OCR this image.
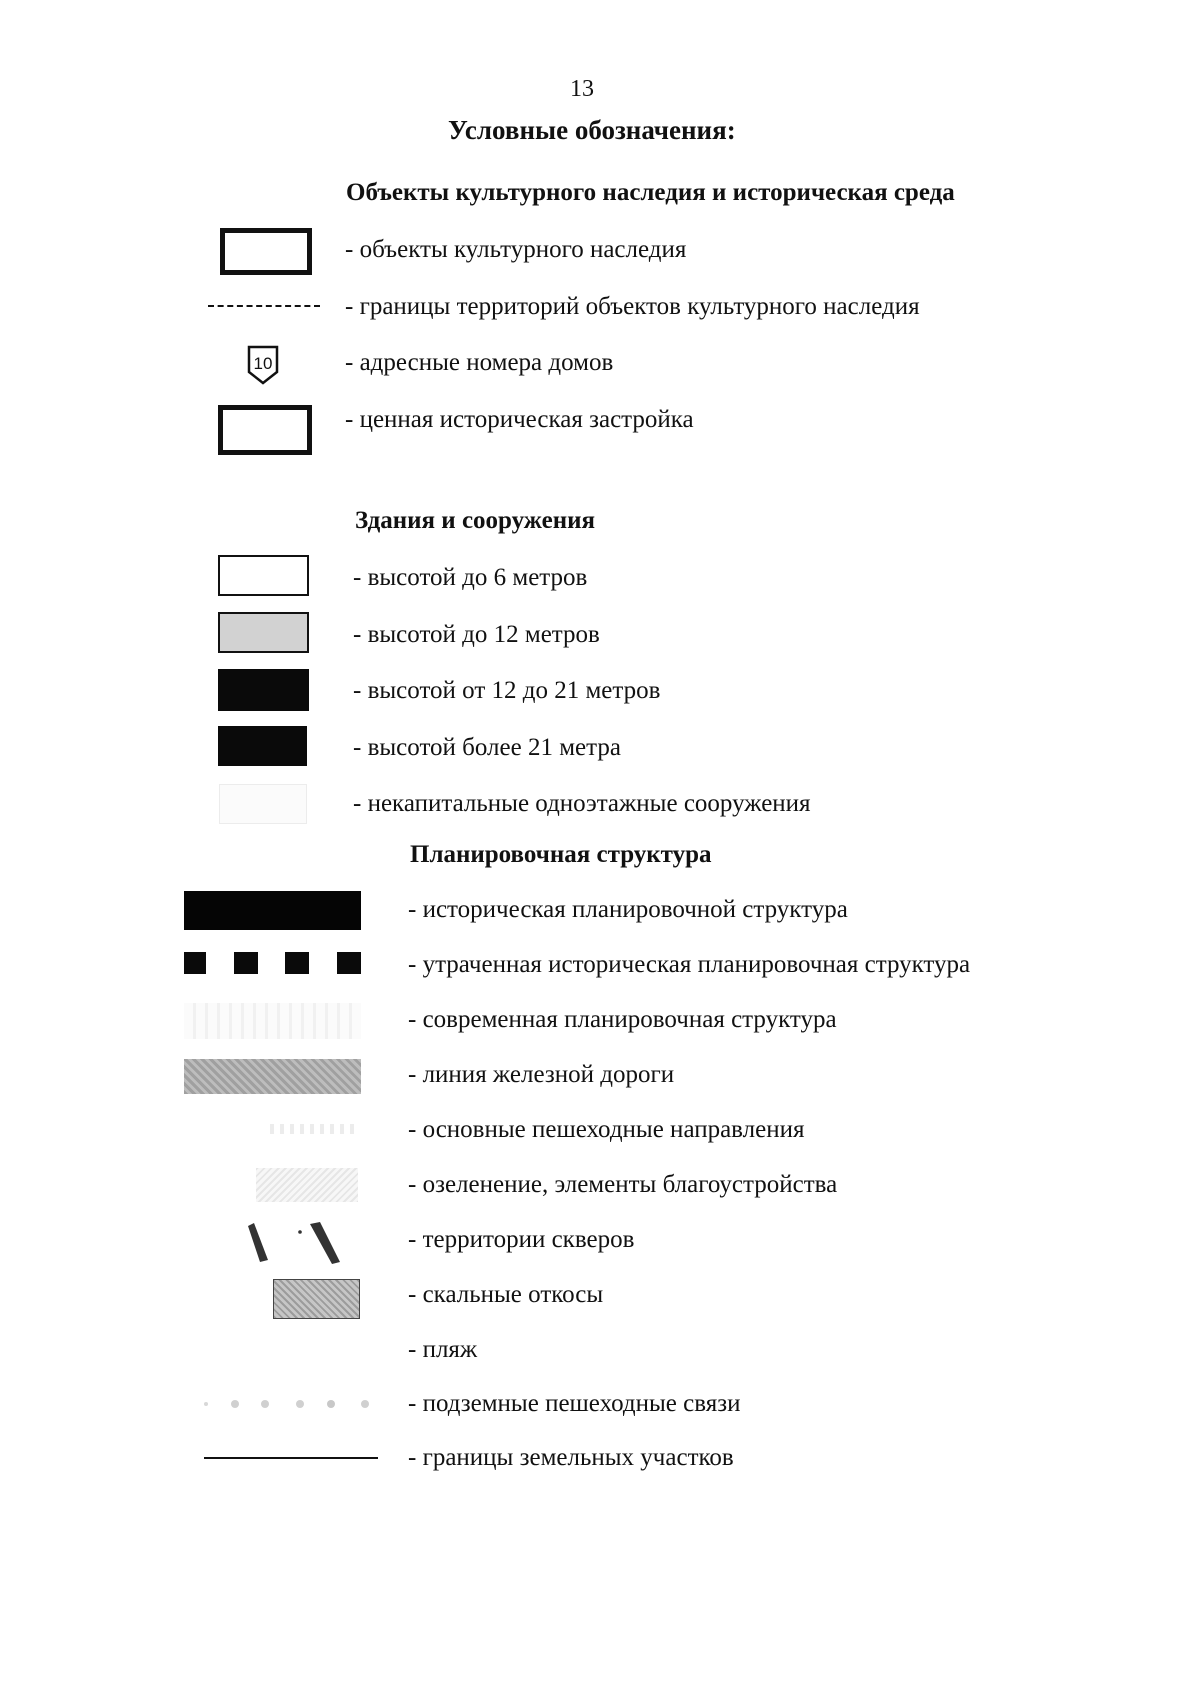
13
Условные обозначения:
Объекты культурного наследия и историческая среда
- объекты культурного наследия
- границы территорий объектов культурного наследия
10	- адресные номера домов
- ценная историческая застройка
Здания и сооружения
- высотой до 6 метров
- высотой до 12 метров
- высотой от 12 до 21 метров
- высотой более 21 метра
- некапитальные одноэтажные сооружения
Планировочная структура
- историческая планировочной структура
- утраченная историческая планировочная структура
- современная планировочная структура
- линия железной дороги
- основные пешеходные направления
- озеленение, элементы благоустройства
- территории скверов
- скальные откосы
- пляж
- подземные пешеходные связи
- границы земельных участков
